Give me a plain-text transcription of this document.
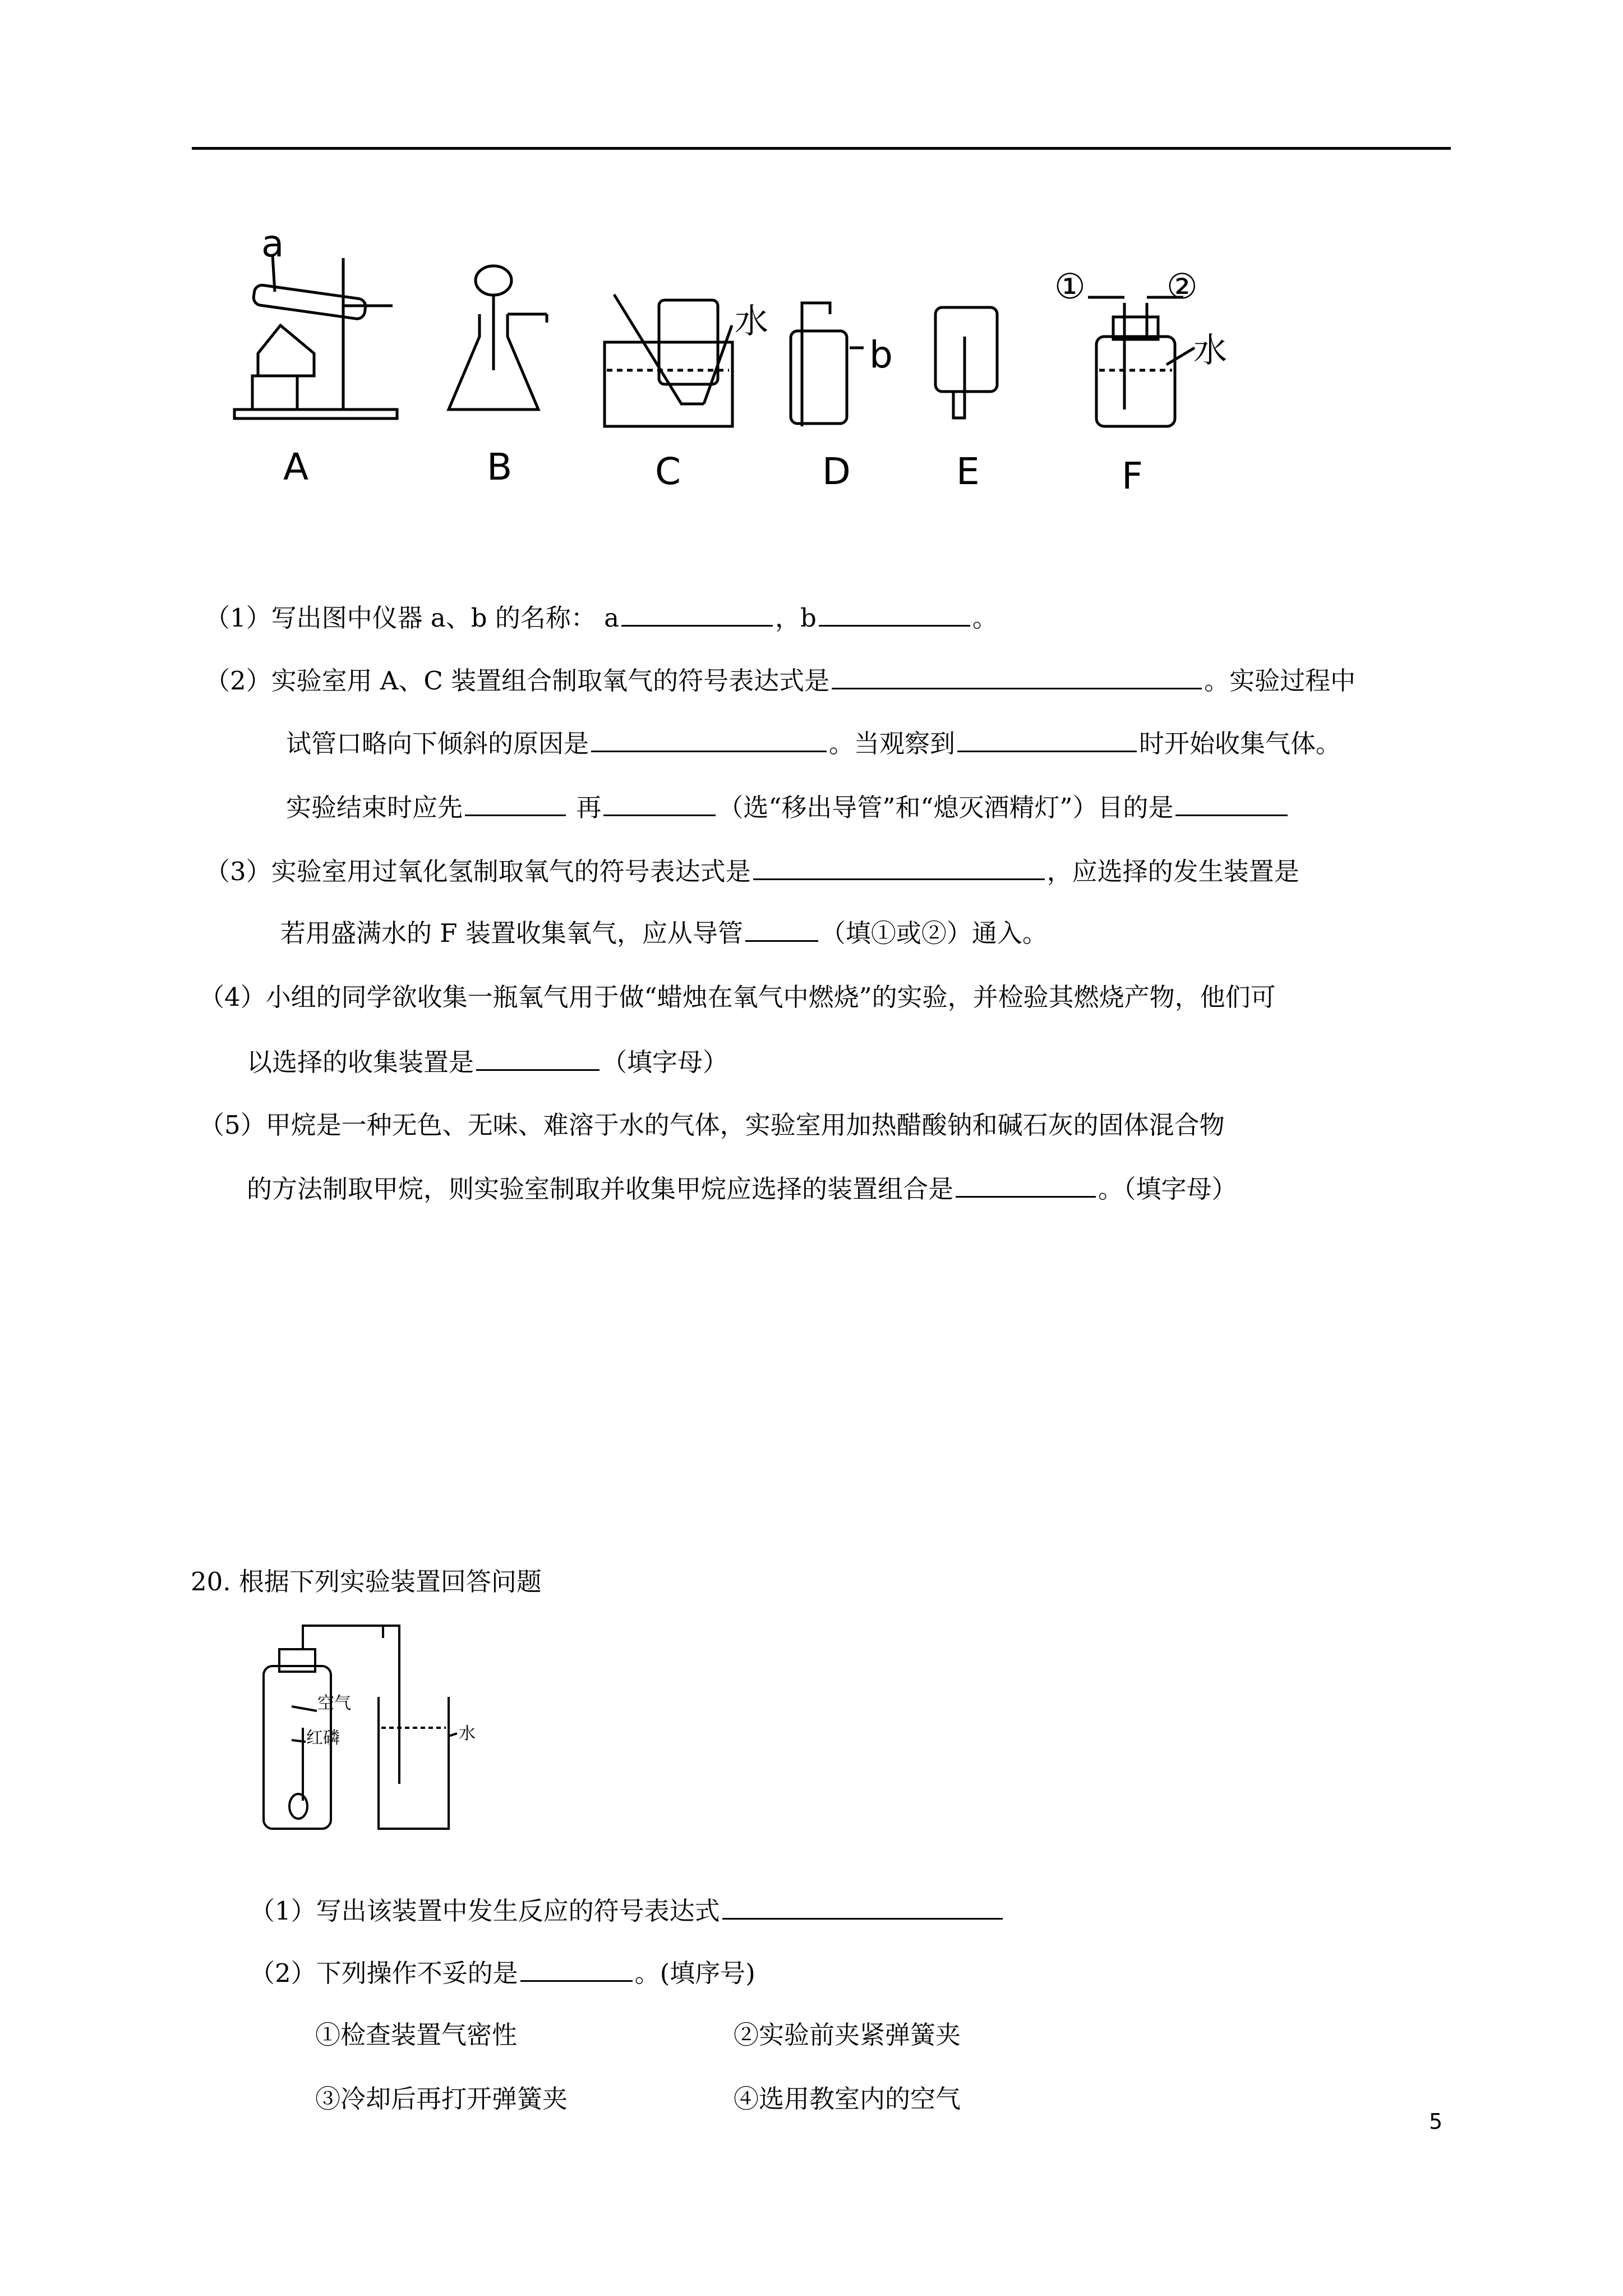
a
b
水
水
① ②
A	B	C	D	E	F
（1）写出图中仪器 a、b 的名称： a	，b	。
（2）实验室用 A、C 装置组合制取氧气的符号表达式是	。实验过程中
试管口略向下倾斜的原因是	。当观察到	时开始收集气体。
实验结束时应先	再	（选“移出导管”和“熄灭酒精灯”）目的是
（3）实验室用过氧化氢制取氧气的符号表达式是	，应选择的发生装置是
若用盛满水的 F 装置收集氧气，应从导管	（填①或②）通入。
（4）小组的同学欲收集一瓶氧气用于做“蜡烛在氧气中燃烧”的实验，并检验其燃烧产物，他们可
以选择的收集装置是	（填字母）
（5）甲烷是一种无色、无味、难溶于水的气体，实验室用加热醋酸钠和碱石灰的固体混合物
的方法制取甲烷，则实验室制取并收集甲烷应选择的装置组合是	。（填字母）
20. 根据下列实验装置回答问题
空气
红磷	水
（1）写出该装置中发生反应的符号表达式
（2）下列操作不妥的是	。(填序号)
①检查装置气密性	②实验前夹紧弹簧夹
③冷却后再打开弹簧夹	④选用教室内的空气
5
